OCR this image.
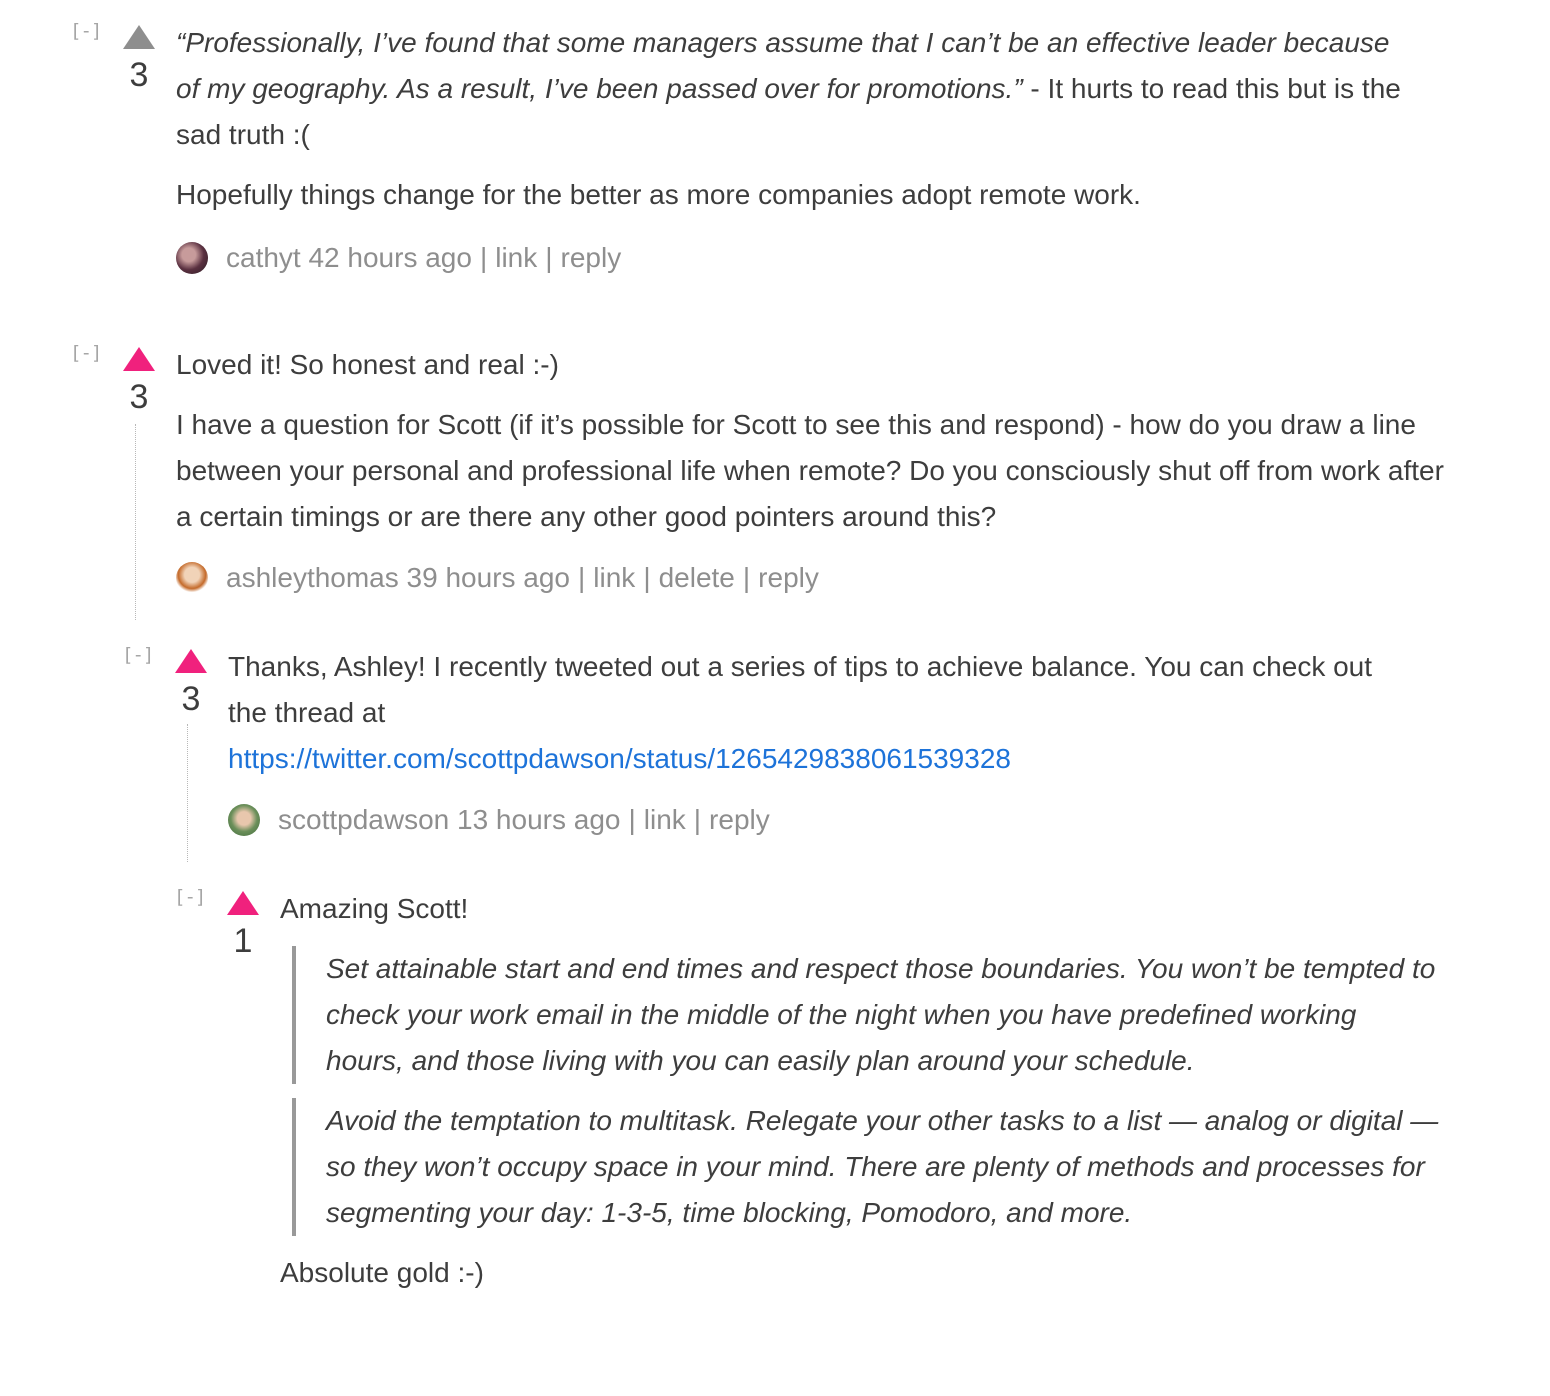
[-]
3

“Professionally, I’ve found that some managers assume that I can’t be an effective leader because of my geography. As a result, I’ve been passed over for promotions.” - It hurts to read this but is the sad truth :(

Hopefully things change for the better as more companies adopt remote work.

cathyt
42 hours ago | link | reply
[-]
3

Loved it! So honest and real :-)

I have a question for Scott (if it’s possible for Scott to see this and respond) - how do you draw a line between your personal and professional life when remote? Do you consciously shut off from work after a certain timings or are there any other good pointers around this?

ashleythomas
39 hours ago | link | delete | reply
[-]
3

Thanks, Ashley! I recently tweeted out a series of tips to achieve balance. You can check out the thread at
https://twitter.com/scottpdawson/status/1265429838061539328

scottpdawson
13 hours ago | link | reply
[-]
1

Amazing Scott!

Set attainable start and end times and respect those boundaries. You won’t be tempted to check your work email in the middle of the night when you have predefined working hours, and those living with you can easily plan around your schedule.
Avoid the temptation to multitask. Relegate your other tasks to a list — analog or digital — so they won’t occupy space in your mind. There are plenty of methods and processes for segmenting your day: 1-3-5, time blocking, Pomodoro, and more.

Absolute gold :-)
